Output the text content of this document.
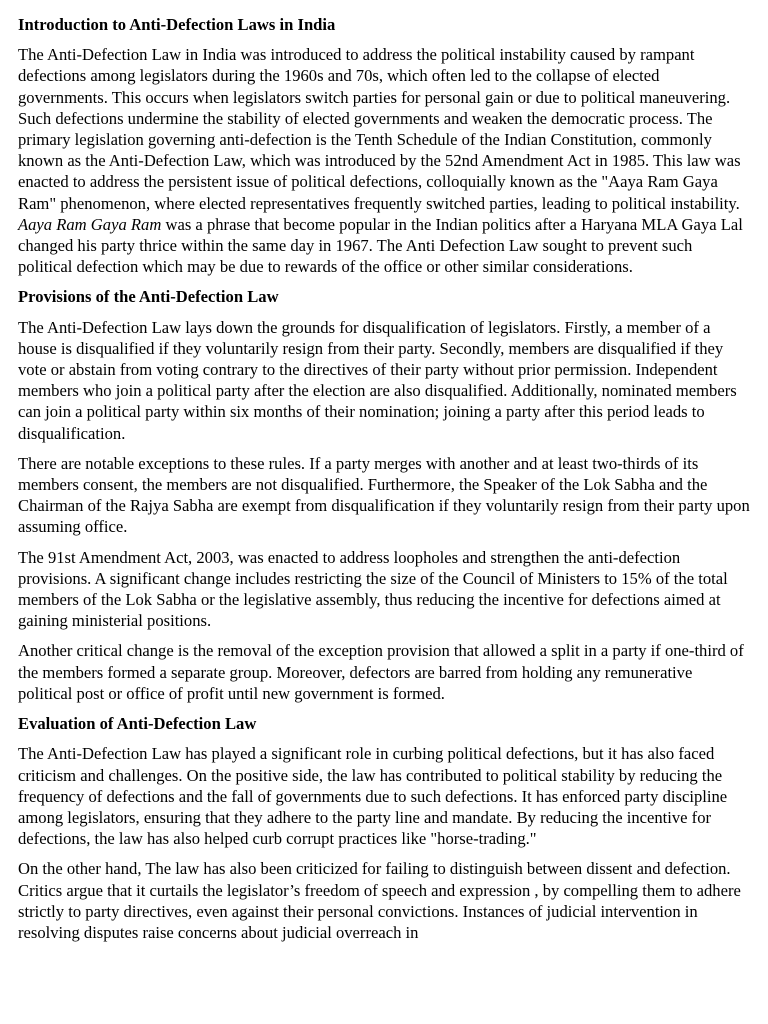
Introduction to Anti-Defection Laws in India

The Anti-Defection Law in India was introduced to address the political instability caused by rampant defections among legislators during the 1960s and 70s, which often led to the collapse of elected governments. This occurs when legislators switch parties for personal gain or due to political maneuvering. Such defections undermine the stability of elected governments and weaken the democratic process. The primary legislation governing anti-defection is the Tenth Schedule of the Indian Constitution, commonly known as the Anti-Defection Law, which was introduced by the 52nd Amendment Act in 1985. This law was enacted to address the persistent issue of political defections, colloquially known as the "Aaya Ram Gaya Ram" phenomenon, where elected representatives frequently switched parties, leading to political instability. Aaya Ram Gaya Ram was a phrase that become popular in the Indian politics after a Haryana MLA Gaya Lal changed his party thrice within the same day in 1967. The Anti Defection Law sought to prevent such political defection which may be due to rewards of the office or other similar considerations.

Provisions of the Anti-Defection Law

The Anti-Defection Law lays down the grounds for disqualification of legislators. Firstly, a member of a house is disqualified if they voluntarily resign from their party. Secondly, members are disqualified if they vote or abstain from voting contrary to the directives of their party without prior permission. Independent members who join a political party after the election are also disqualified. Additionally, nominated members can join a political party within six months of their nomination; joining a party after this period leads to disqualification.

There are notable exceptions to these rules. If a party merges with another and at least two-thirds of its members consent, the members are not disqualified. Furthermore, the Speaker of the Lok Sabha and the Chairman of the Rajya Sabha are exempt from disqualification if they voluntarily resign from their party upon assuming office.

The 91st Amendment Act, 2003, was enacted to address loopholes and strengthen the anti-defection provisions. A significant change includes restricting the size of the Council of Ministers to 15% of the total members of the Lok Sabha or the legislative assembly, thus reducing the incentive for defections aimed at gaining ministerial positions.

Another critical change is the removal of the exception provision that allowed a split in a party if one-third of the members formed a separate group. Moreover, defectors are barred from holding any remunerative political post or office of profit until new government is formed.

Evaluation of Anti-Defection Law

The Anti-Defection Law has played a significant role in curbing political defections, but it has also faced criticism and challenges. On the positive side, the law has contributed to political stability by reducing the frequency of defections and the fall of governments due to such defections. It has enforced party discipline among legislators, ensuring that they adhere to the party line and mandate. By reducing the incentive for defections, the law has also helped curb corrupt practices like "horse-trading."

On the other hand, The law has also been criticized for failing to distinguish between dissent and defection. Critics argue that it curtails the legislator’s freedom of speech and expression , by compelling them to adhere strictly to party directives, even against their personal convictions. Instances of judicial intervention in resolving disputes raise concerns about judicial overreach in
